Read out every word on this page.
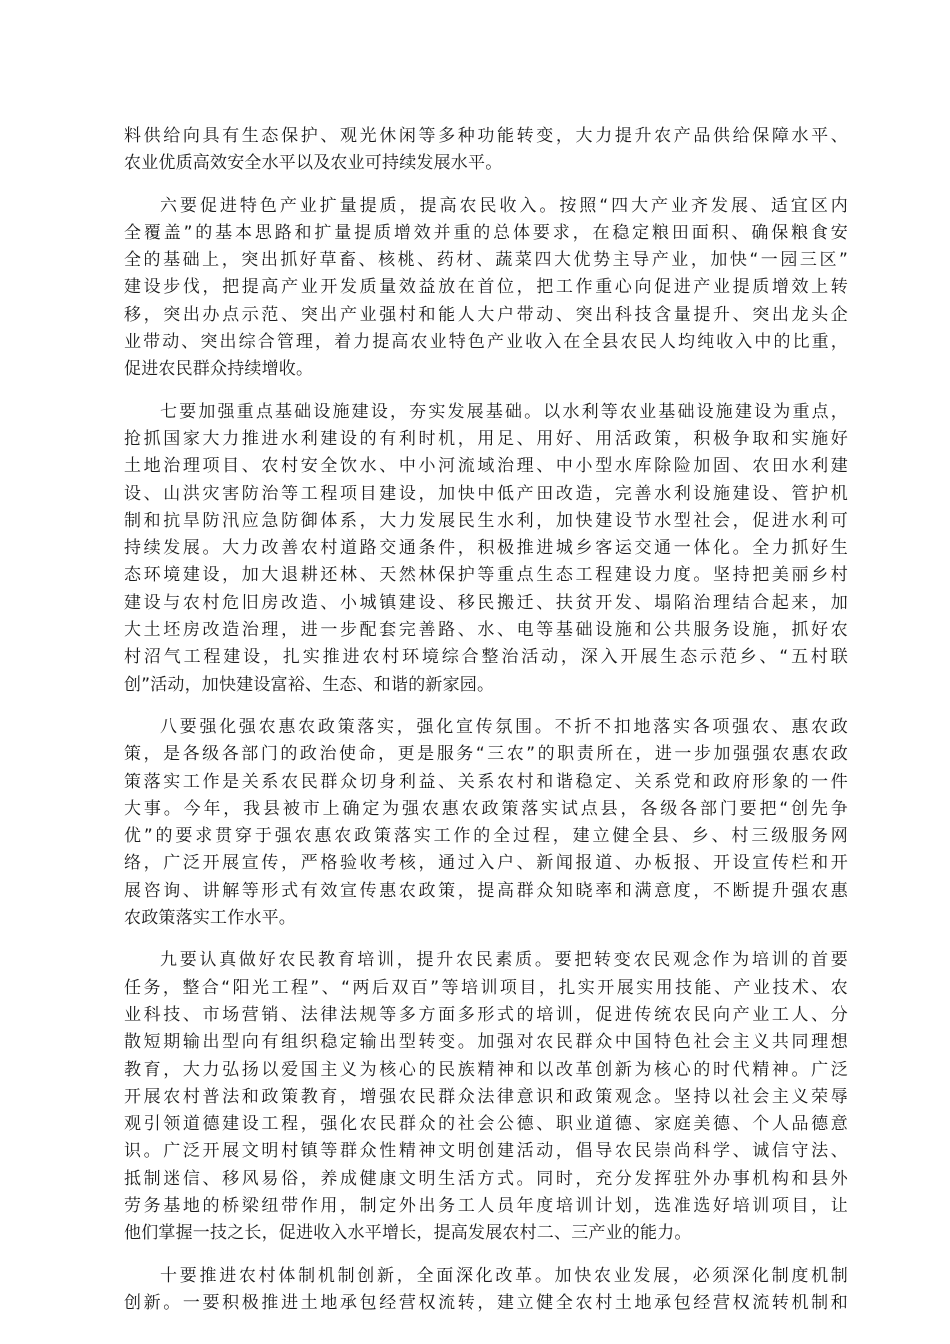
料供给向具有生态保护、观光休闲等多种功能转变，大力提升农产品供给保障水平、
农业优质高效安全水平以及农业可持续发展水平。

六要促进特色产业扩量提质，提高农民收入。按照“四大产业齐发展、适宜区内
全覆盖”的基本思路和扩量提质增效并重的总体要求，在稳定粮田面积、确保粮食安
全的基础上，突出抓好草畜、核桃、药材、蔬菜四大优势主导产业，加快“一园三区”
建设步伐，把提高产业开发质量效益放在首位，把工作重心向促进产业提质增效上转
移，突出办点示范、突出产业强村和能人大户带动、突出科技含量提升、突出龙头企
业带动、突出综合管理，着力提高农业特色产业收入在全县农民人均纯收入中的比重，
促进农民群众持续增收。

七要加强重点基础设施建设，夯实发展基础。以水利等农业基础设施建设为重点，
抢抓国家大力推进水利建设的有利时机，用足、用好、用活政策，积极争取和实施好
土地治理项目、农村安全饮水、中小河流域治理、中小型水库除险加固、农田水利建
设、山洪灾害防治等工程项目建设，加快中低产田改造，完善水利设施建设、管护机
制和抗旱防汛应急防御体系，大力发展民生水利，加快建设节水型社会，促进水利可
持续发展。大力改善农村道路交通条件，积极推进城乡客运交通一体化。全力抓好生
态环境建设，加大退耕还林、天然林保护等重点生态工程建设力度。坚持把美丽乡村
建设与农村危旧房改造、小城镇建设、移民搬迁、扶贫开发、塌陷治理结合起来，加
大土坯房改造治理，进一步配套完善路、水、电等基础设施和公共服务设施，抓好农
村沼气工程建设，扎实推进农村环境综合整治活动，深入开展生态示范乡、“五村联
创”活动，加快建设富裕、生态、和谐的新家园。

八要强化强农惠农政策落实，强化宣传氛围。不折不扣地落实各项强农、惠农政
策，是各级各部门的政治使命，更是服务“三农”的职责所在，进一步加强强农惠农政
策落实工作是关系农民群众切身利益、关系农村和谐稳定、关系党和政府形象的一件
大事。今年，我县被市上确定为强农惠农政策落实试点县，各级各部门要把“创先争
优”的要求贯穿于强农惠农政策落实工作的全过程，建立健全县、乡、村三级服务网
络，广泛开展宣传，严格验收考核，通过入户、新闻报道、办板报、开设宣传栏和开
展咨询、讲解等形式有效宣传惠农政策，提高群众知晓率和满意度，不断提升强农惠
农政策落实工作水平。

九要认真做好农民教育培训，提升农民素质。要把转变农民观念作为培训的首要
任务，整合“阳光工程”、“两后双百”等培训项目，扎实开展实用技能、产业技术、农
业科技、市场营销、法律法规等多方面多形式的培训，促进传统农民向产业工人、分
散短期输出型向有组织稳定输出型转变。加强对农民群众中国特色社会主义共同理想
教育，大力弘扬以爱国主义为核心的民族精神和以改革创新为核心的时代精神。广泛
开展农村普法和政策教育，增强农民群众法律意识和政策观念。坚持以社会主义荣辱
观引领道德建设工程，强化农民群众的社会公德、职业道德、家庭美德、个人品德意
识。广泛开展文明村镇等群众性精神文明创建活动，倡导农民崇尚科学、诚信守法、
抵制迷信、移风易俗，养成健康文明生活方式。同时，充分发挥驻外办事机构和县外
劳务基地的桥梁纽带作用，制定外出务工人员年度培训计划，选准选好培训项目，让
他们掌握一技之长，促进收入水平增长，提高发展农村二、三产业的能力。

十要推进农村体制机制创新，全面深化改革。加快农业发展，必须深化制度机制
创新。一要积极推进土地承包经营权流转，建立健全农村土地承包经营权流转机制和
